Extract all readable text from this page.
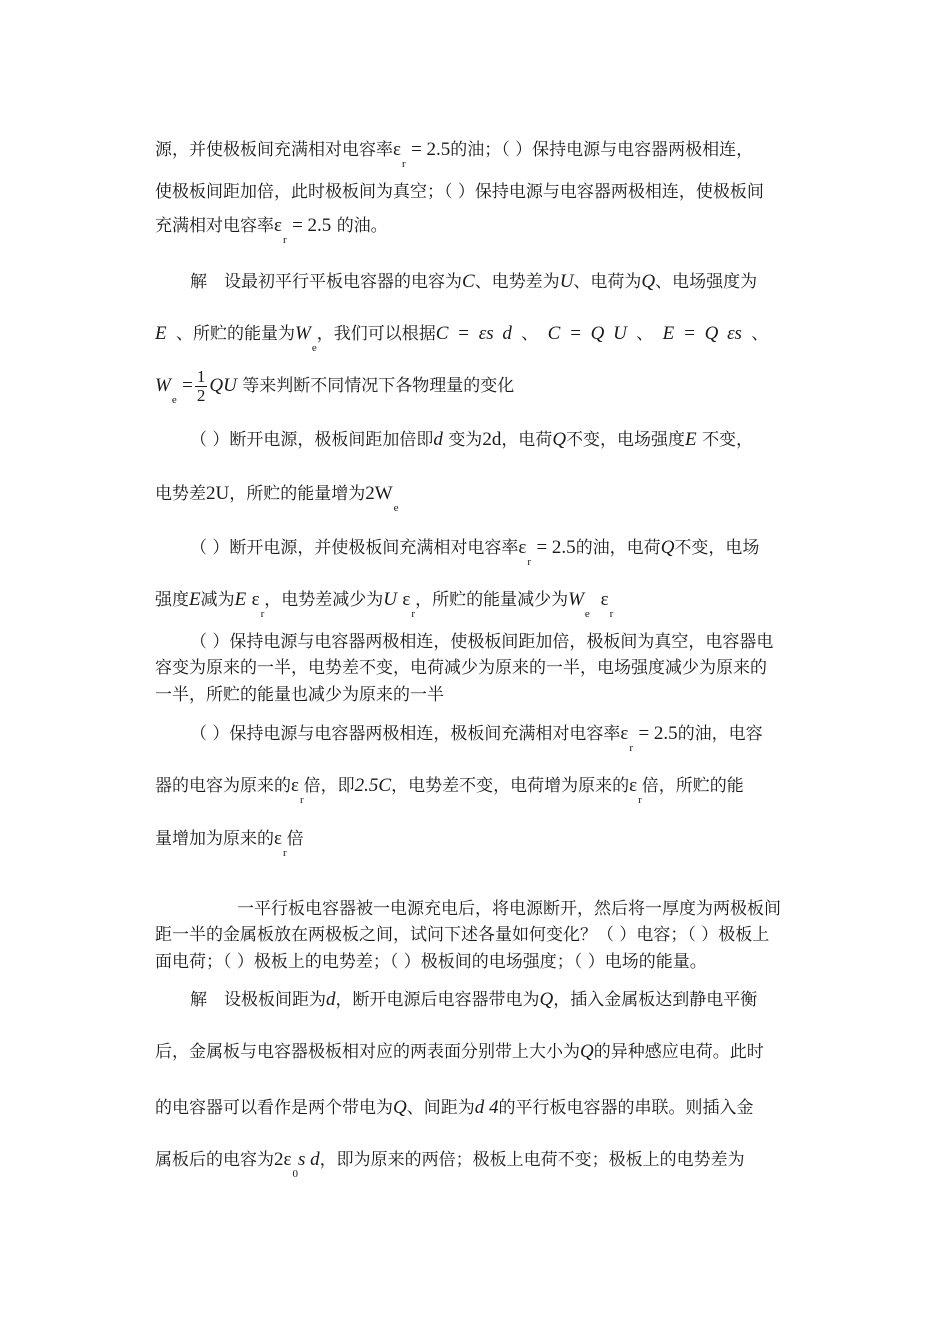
源，并使极板间充满相对电容率$\varepsilon_r = 2.5$的油；（ ）保持电源与电容器两极相连，
使极板间距加倍，此时极板间为真空；（ ）保持电源与电容器两极相连，使极板间
充满相对电容率$\varepsilon_r = 2.5$ 的油。
解　设最初平行平板电容器的电容为C、电势差为U、电荷为Q、电场强度为
E 、所贮的能量为$W_e$，我们可以根据C = εs d 、 C = Q U 、 E = Q εs 、
$W_e = \frac{1}{2}$ QU 等来判断不同情况下各物理量的变化
（ ）断开电源，极板间距加倍即d 变为2d，电荷Q不变，电场强度E 不变，
电势差2U，所贮的能量增为$2W_e$
（ ）断开电源，并使极板间充满相对电容率$\varepsilon_r = 2.5$的油，电荷Q不变，电场
强度E减为E $\varepsilon_r$，电势差减少为U $\varepsilon_r$，所贮的能量减少为$W_e$  $\varepsilon_r$
（ ）保持电源与电容器两极相连，使极板间距加倍，极板间为真空，电容器电
容变为原来的一半，电势差不变，电荷减少为原来的一半，电场强度减少为原来的
一半，所贮的能量也减少为原来的一半
（ ）保持电源与电容器两极相连，极板间充满相对电容率$\varepsilon_r = 2.5$的油，电容
器的电容为原来的$\varepsilon_r$倍，即2.5C，电势差不变，电荷增为原来的$\varepsilon_r$倍，所贮的能
量增加为原来的$\varepsilon_r$倍
一平行板电容器被一电源充电后，将电源断开，然后将一厚度为两极板间
距一半的金属板放在两极板之间，试问下述各量如何变化？（ ）电容；（ ）极板上
面电荷；（ ）极板上的电势差；（ ）极板间的电场强度；（ ）电场的能量。
解　设极板间距为d，断开电源后电容器带电为Q，插入金属板达到静电平衡
后，金属板与电容器极板相对应的两表面分别带上大小为Q的异种感应电荷。此时
的电容器可以看作是两个带电为Q、间距为d 4的平行板电容器的串联。则插入金
属板后的电容为$2\varepsilon_0s$ d，即为原来的两倍；极板上电荷不变；极板上的电势差为
